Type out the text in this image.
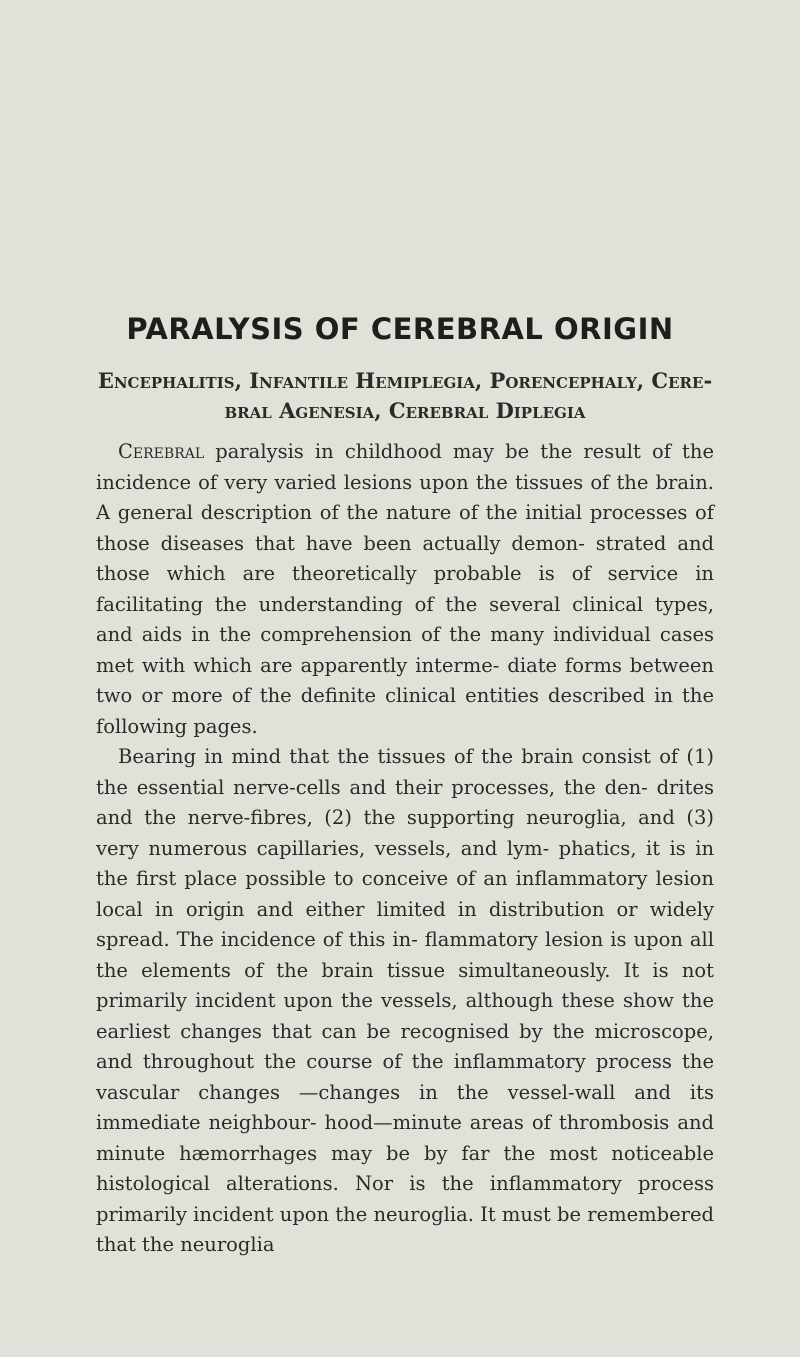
PARALYSIS OF CEREBRAL ORIGIN
Encephalitis, Infantile Hemiplegia, Porencephaly, Cere-
bral Agenesia, Cerebral Diplegia

Cerebral paralysis in childhood may be the result of the incidence of very varied lesions upon the tissues of the brain. A general description of the nature of the initial processes of those diseases that have been actually demon- strated and those which are theoretically probable is of service in facilitating the understanding of the several clinical types, and aids in the comprehension of the many individual cases met with which are apparently interme- diate forms between two or more of the definite clinical entities described in the following pages.

Bearing in mind that the tissues of the brain consist of (1) the essential nerve-cells and their processes, the den- drites and the nerve-fibres, (2) the supporting neuroglia, and (3) very numerous capillaries, vessels, and lym- phatics, it is in the first place possible to conceive of an inflammatory lesion local in origin and either limited in distribution or widely spread. The incidence of this in- flammatory lesion is upon all the elements of the brain tissue simultaneously. It is not primarily incident upon the vessels, although these show the earliest changes that can be recognised by the microscope, and throughout the course of the inflammatory process the vascular changes —changes in the vessel-wall and its immediate neighbour- hood—minute areas of thrombosis and minute hæmorrhages may be by far the most noticeable histological alterations. Nor is the inflammatory process primarily incident upon the neuroglia. It must be remembered that the neuroglia
